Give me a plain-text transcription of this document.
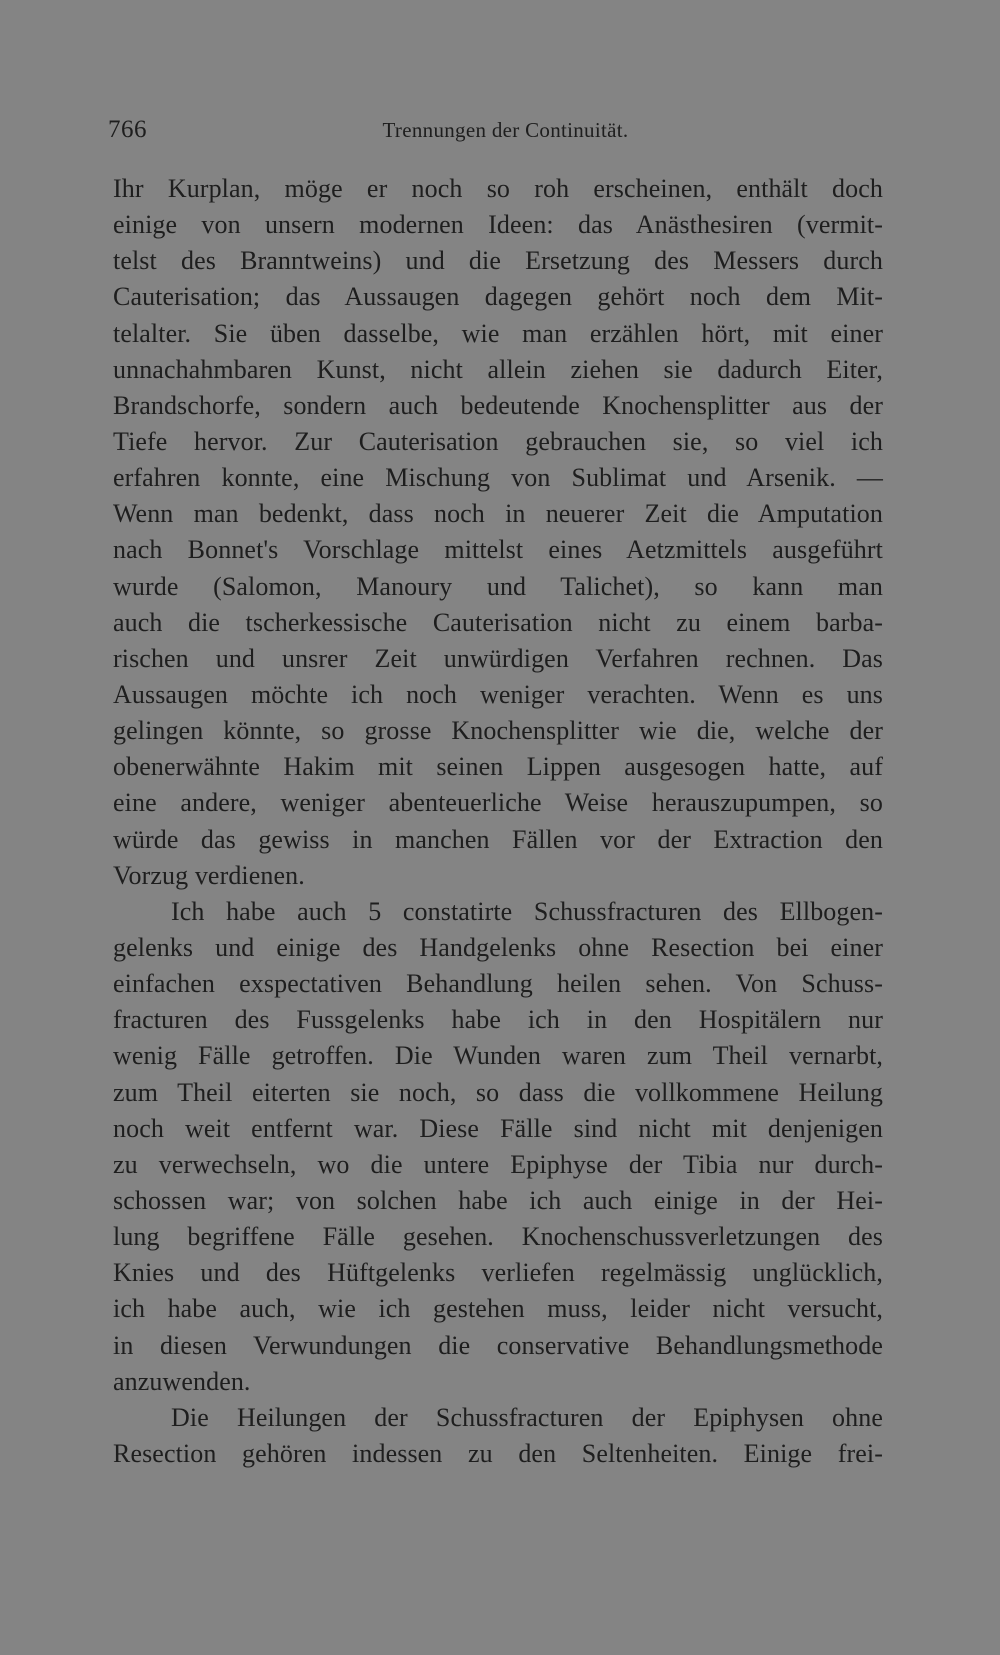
766	Trennungen der Continuität.
Ihr Kurplan, möge er noch so roh erscheinen, enthält doch
einige von unsern modernen Ideen: das Anästhesiren (vermit-
telst des Branntweins) und die Ersetzung des Messers durch
Cauterisation; das Aussaugen dagegen gehört noch dem Mit-
telalter. Sie üben dasselbe, wie man erzählen hört, mit einer
unnachahmbaren Kunst, nicht allein ziehen sie dadurch Eiter,
Brandschorfe, sondern auch bedeutende Knochensplitter aus der
Tiefe hervor. Zur Cauterisation gebrauchen sie, so viel ich
erfahren konnte, eine Mischung von Sublimat und Arsenik. —
Wenn man bedenkt, dass noch in neuerer Zeit die Amputation
nach Bonnet's Vorschlage mittelst eines Aetzmittels ausgeführt
wurde (Salomon, Manoury und Talichet), so kann man
auch die tscherkessische Cauterisation nicht zu einem barba-
rischen und unsrer Zeit unwürdigen Verfahren rechnen. Das
Aussaugen möchte ich noch weniger verachten. Wenn es uns
gelingen könnte, so grosse Knochensplitter wie die, welche der
obenerwähnte Hakim mit seinen Lippen ausgesogen hatte, auf
eine andere, weniger abenteuerliche Weise herauszupumpen, so
würde das gewiss in manchen Fällen vor der Extraction den
Vorzug verdienen.
Ich habe auch 5 constatirte Schussfracturen des Ellbogen-
gelenks und einige des Handgelenks ohne Resection bei einer
einfachen exspectativen Behandlung heilen sehen. Von Schuss-
fracturen des Fussgelenks habe ich in den Hospitälern nur
wenig Fälle getroffen. Die Wunden waren zum Theil vernarbt,
zum Theil eiterten sie noch, so dass die vollkommene Heilung
noch weit entfernt war. Diese Fälle sind nicht mit denjenigen
zu verwechseln, wo die untere Epiphyse der Tibia nur durch-
schossen war; von solchen habe ich auch einige in der Hei-
lung begriffene Fälle gesehen. Knochenschussverletzungen des
Knies und des Hüftgelenks verliefen regelmässig unglücklich,
ich habe auch, wie ich gestehen muss, leider nicht versucht,
in diesen Verwundungen die conservative Behandlungsmethode
anzuwenden.
Die Heilungen der Schussfracturen der Epiphysen ohne
Resection gehören indessen zu den Seltenheiten. Einige frei-
